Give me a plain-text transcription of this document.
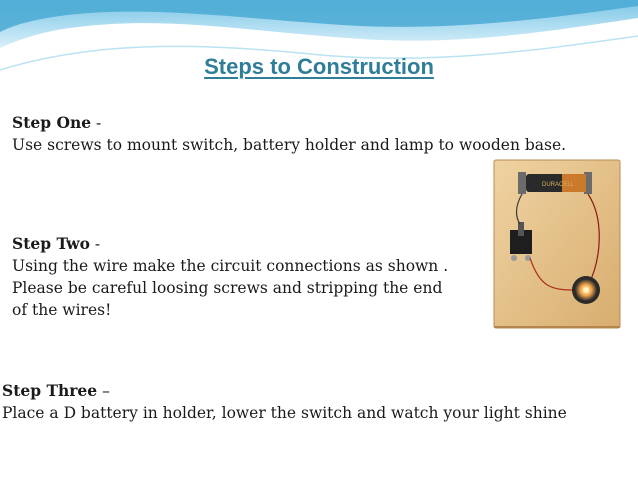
Steps to Construction
Step One -
Use screws to mount switch, battery holder and lamp to wooden base.
Step Two -
Using the wire make the circuit connections as shown .
Please be careful loosing screws and stripping the end
of the wires!
Step Three –
Place a D battery in holder, lower the switch and watch your light shine
DURACELL
